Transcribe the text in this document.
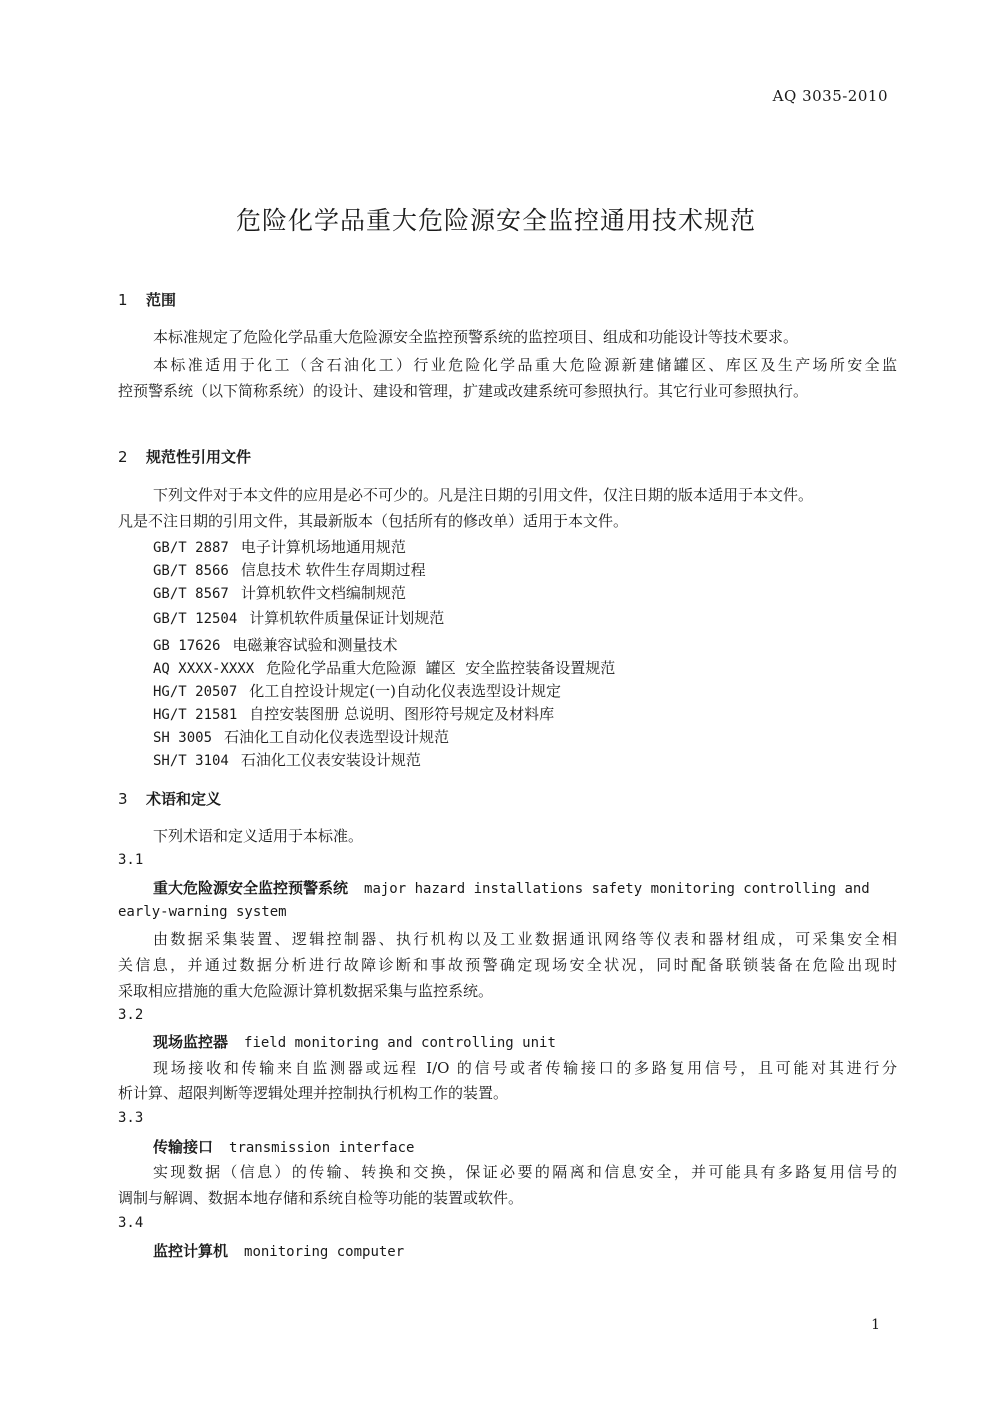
AQ 3035-2010
危险化学品重大危险源安全监控通用技术规范
1 范围
本标准规定了危险化学品重大危险源安全监控预警系统的监控项目、组成和功能设计等技术要求。
本标准适用于化工（含石油化工）行业危险化学品重大危险源新建储罐区、库区及生产场所安全监
控预警系统（以下简称系统）的设计、建设和管理，扩建或改建系统可参照执行。其它行业可参照执行。
2 规范性引用文件
下列文件对于本文件的应用是必不可少的。凡是注日期的引用文件，仅注日期的版本适用于本文件。
凡是不注日期的引用文件，其最新版本（包括所有的修改单）适用于本文件。
GB/T 2887 电子计算机场地通用规范
GB/T 8566 信息技术 软件生存周期过程
GB/T 8567 计算机软件文档编制规范
GB/T 12504 计算机软件质量保证计划规范
GB 17626 电磁兼容试验和测量技术
AQ XXXX-XXXX 危险化学品重大危险源  罐区  安全监控装备设置规范
HG/T 20507 化工自控设计规定(一)自动化仪表选型设计规定
HG/T 21581 自控安装图册 总说明、图形符号规定及材料库
SH 3005 石油化工自动化仪表选型设计规范
SH/T 3104 石油化工仪表安装设计规范
3 术语和定义
下列术语和定义适用于本标准。
3.1
重大危险源安全监控预警系统 major hazard installations safety monitoring controlling and
early-warning system
由数据采集装置、逻辑控制器、执行机构以及工业数据通讯网络等仪表和器材组成，可采集安全相
关信息，并通过数据分析进行故障诊断和事故预警确定现场安全状况，同时配备联锁装备在危险出现时
采取相应措施的重大危险源计算机数据采集与监控系统。
3.2
现场监控器 field monitoring and controlling unit
现场接收和传输来自监测器或远程 I/O 的信号或者传输接口的多路复用信号，且可能对其进行分
析计算、超限判断等逻辑处理并控制执行机构工作的装置。
3.3
传输接口 transmission interface
实现数据（信息）的传输、转换和交换，保证必要的隔离和信息安全，并可能具有多路复用信号的
调制与解调、数据本地存储和系统自检等功能的装置或软件。
3.4
监控计算机 monitoring computer
1
